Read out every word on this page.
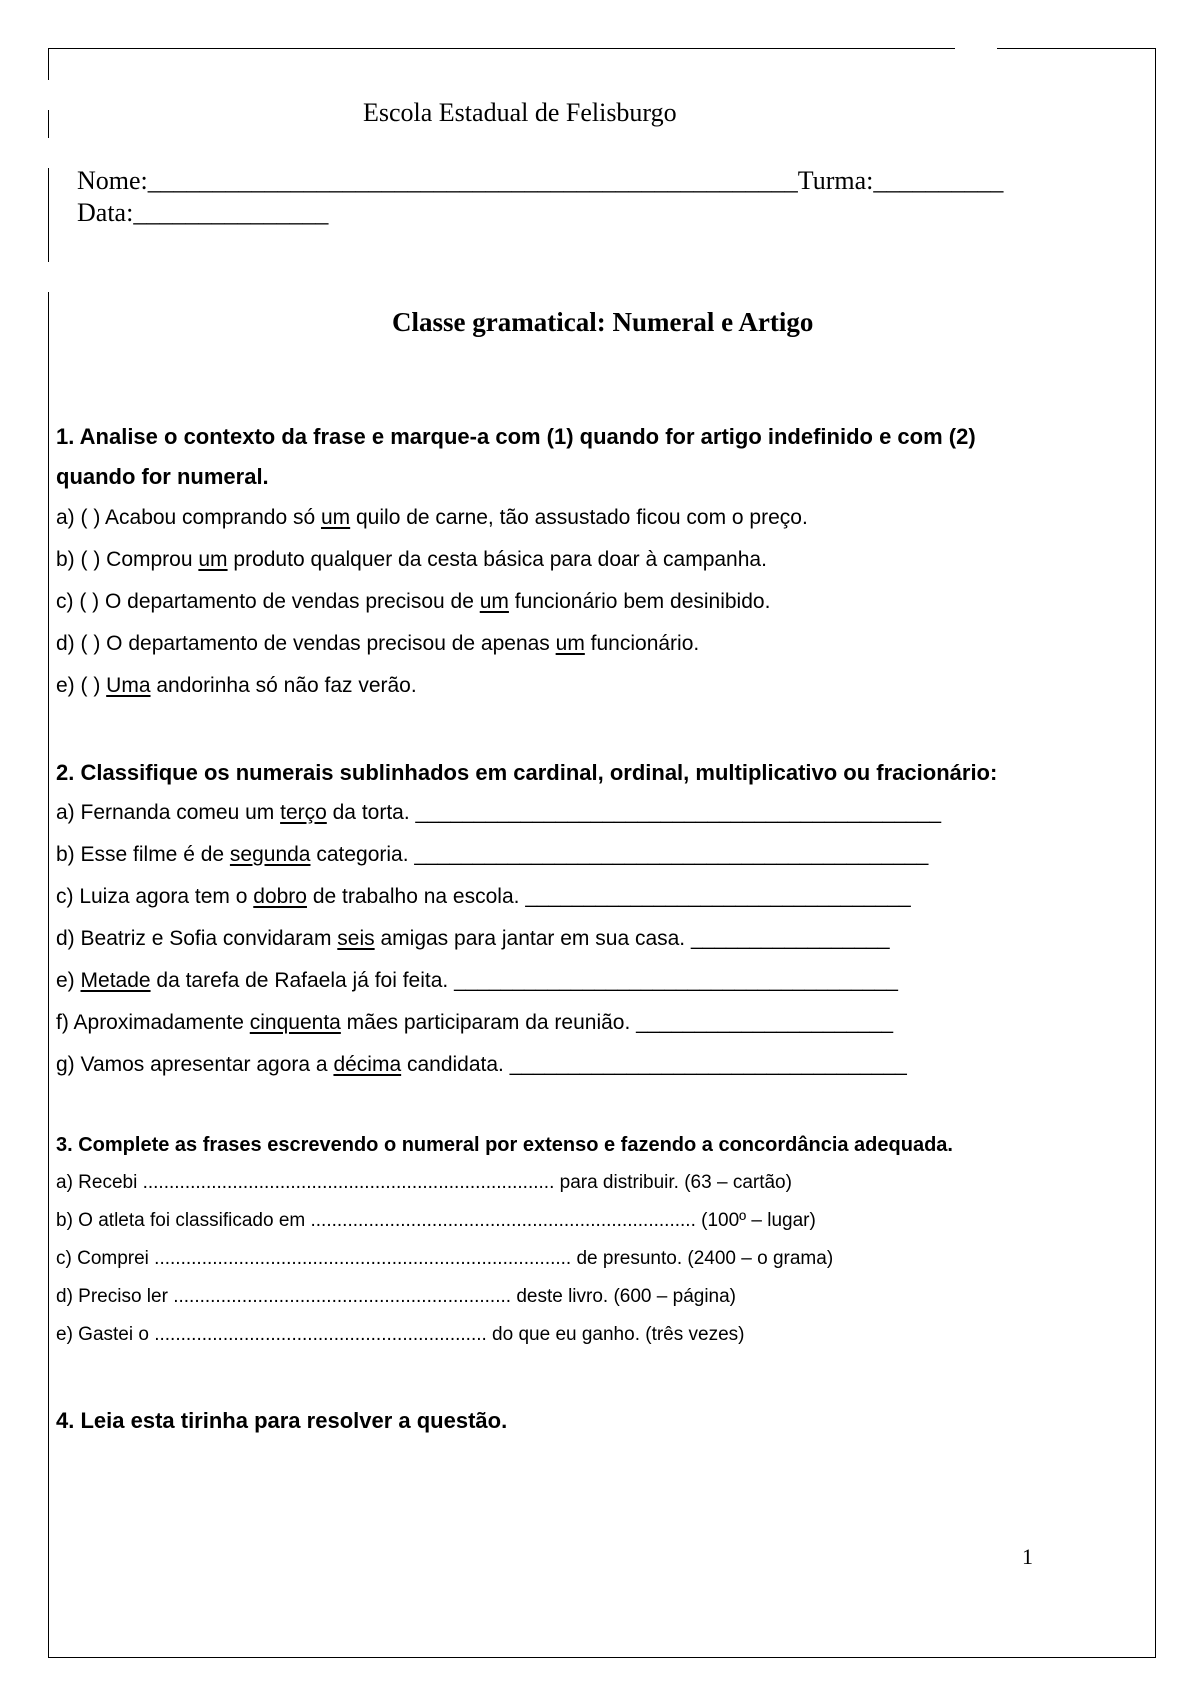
Escola Estadual de Felisburgo
Nome:__________________________________________________Turma:__________
Data:_______________
Classe gramatical: Numeral e Artigo
1. Analise o contexto da frase e marque-a com (1) quando for artigo indefinido e com (2)
quando for numeral.
a) ( ) Acabou comprando só um quilo de carne, tão assustado ficou com o preço.
b) ( ) Comprou um produto qualquer da cesta básica para doar à campanha.
c) ( ) O departamento de vendas precisou de um funcionário bem desinibido.
d) ( ) O departamento de vendas precisou de apenas um funcionário.
e) ( ) Uma andorinha só não faz verão.
2. Classifique os numerais sublinhados em cardinal, ordinal, multiplicativo ou fracionário:
a) Fernanda comeu um terço da torta. _____________________________________________
b) Esse filme é de segunda categoria. ____________________________________________
c) Luiza agora tem o dobro de trabalho na escola. _________________________________
d) Beatriz e Sofia convidaram seis amigas para jantar em sua casa. _________________
e) Metade da tarefa de Rafaela já foi feita. ______________________________________
f) Aproximadamente cinquenta mães participaram da reunião. ______________________
g) Vamos apresentar agora a décima candidata. __________________________________
3. Complete as frases escrevendo o numeral por extenso e fazendo a concordância adequada.
a) Recebi .............................................................................. para distribuir. (63 – cartão)
b) O atleta foi classificado em ......................................................................... (100º – lugar)
c) Comprei ............................................................................... de presunto. (2400 – o grama)
d) Preciso ler ................................................................ deste livro. (600 – página)
e) Gastei o ............................................................... do que eu ganho. (três vezes)
4. Leia esta tirinha para resolver a questão.
1
